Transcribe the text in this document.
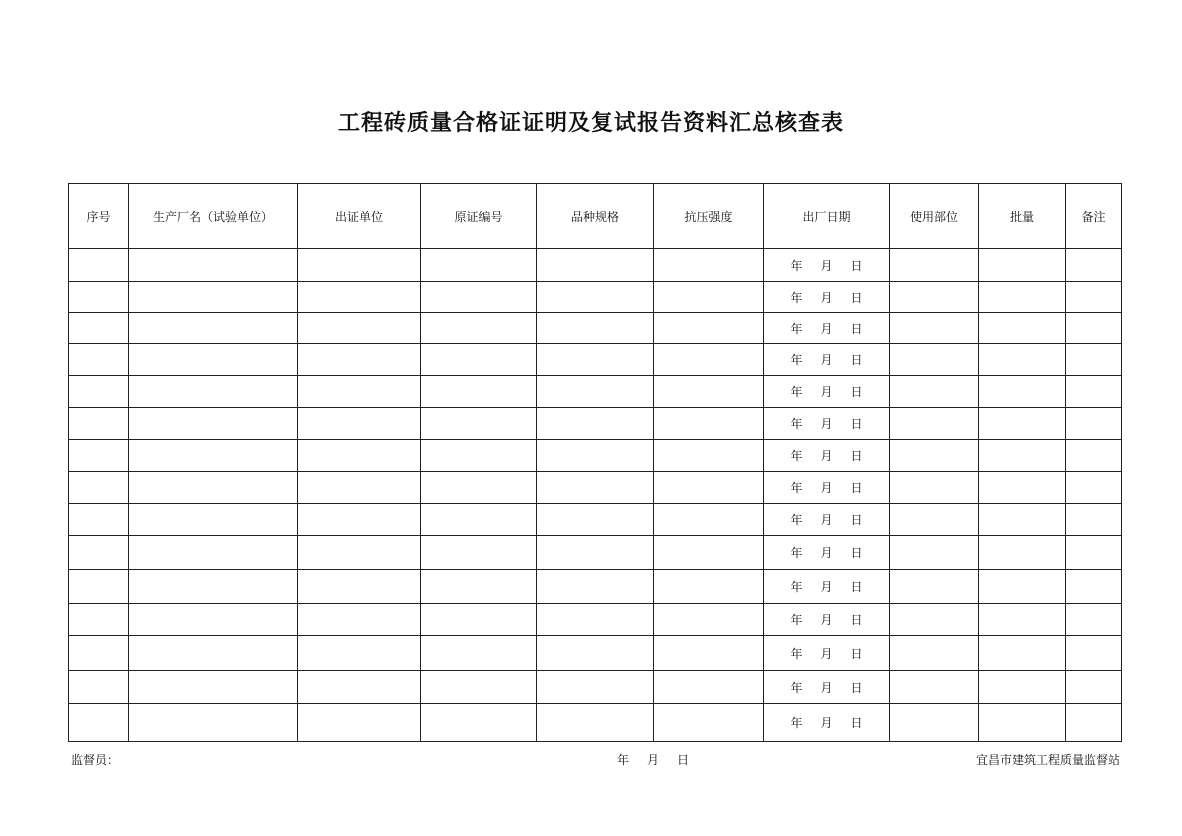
工程砖质量合格证证明及复试报告资料汇总核查表
序号	生产厂名（试验单位）	出证单位	原证编号	品种规格	抗压强度	出厂日期	使用部位	批量	备注
						年 月 日			
						年 月 日			
						年 月 日			
						年 月 日			
						年 月 日			
						年 月 日			
						年 月 日			
						年 月 日			
						年 月 日			
						年 月 日			
						年 月 日			
						年 月 日			
						年 月 日			
						年 月 日			
						年 月 日			
监督员：	年 月 日	宜昌市建筑工程质量监督站
